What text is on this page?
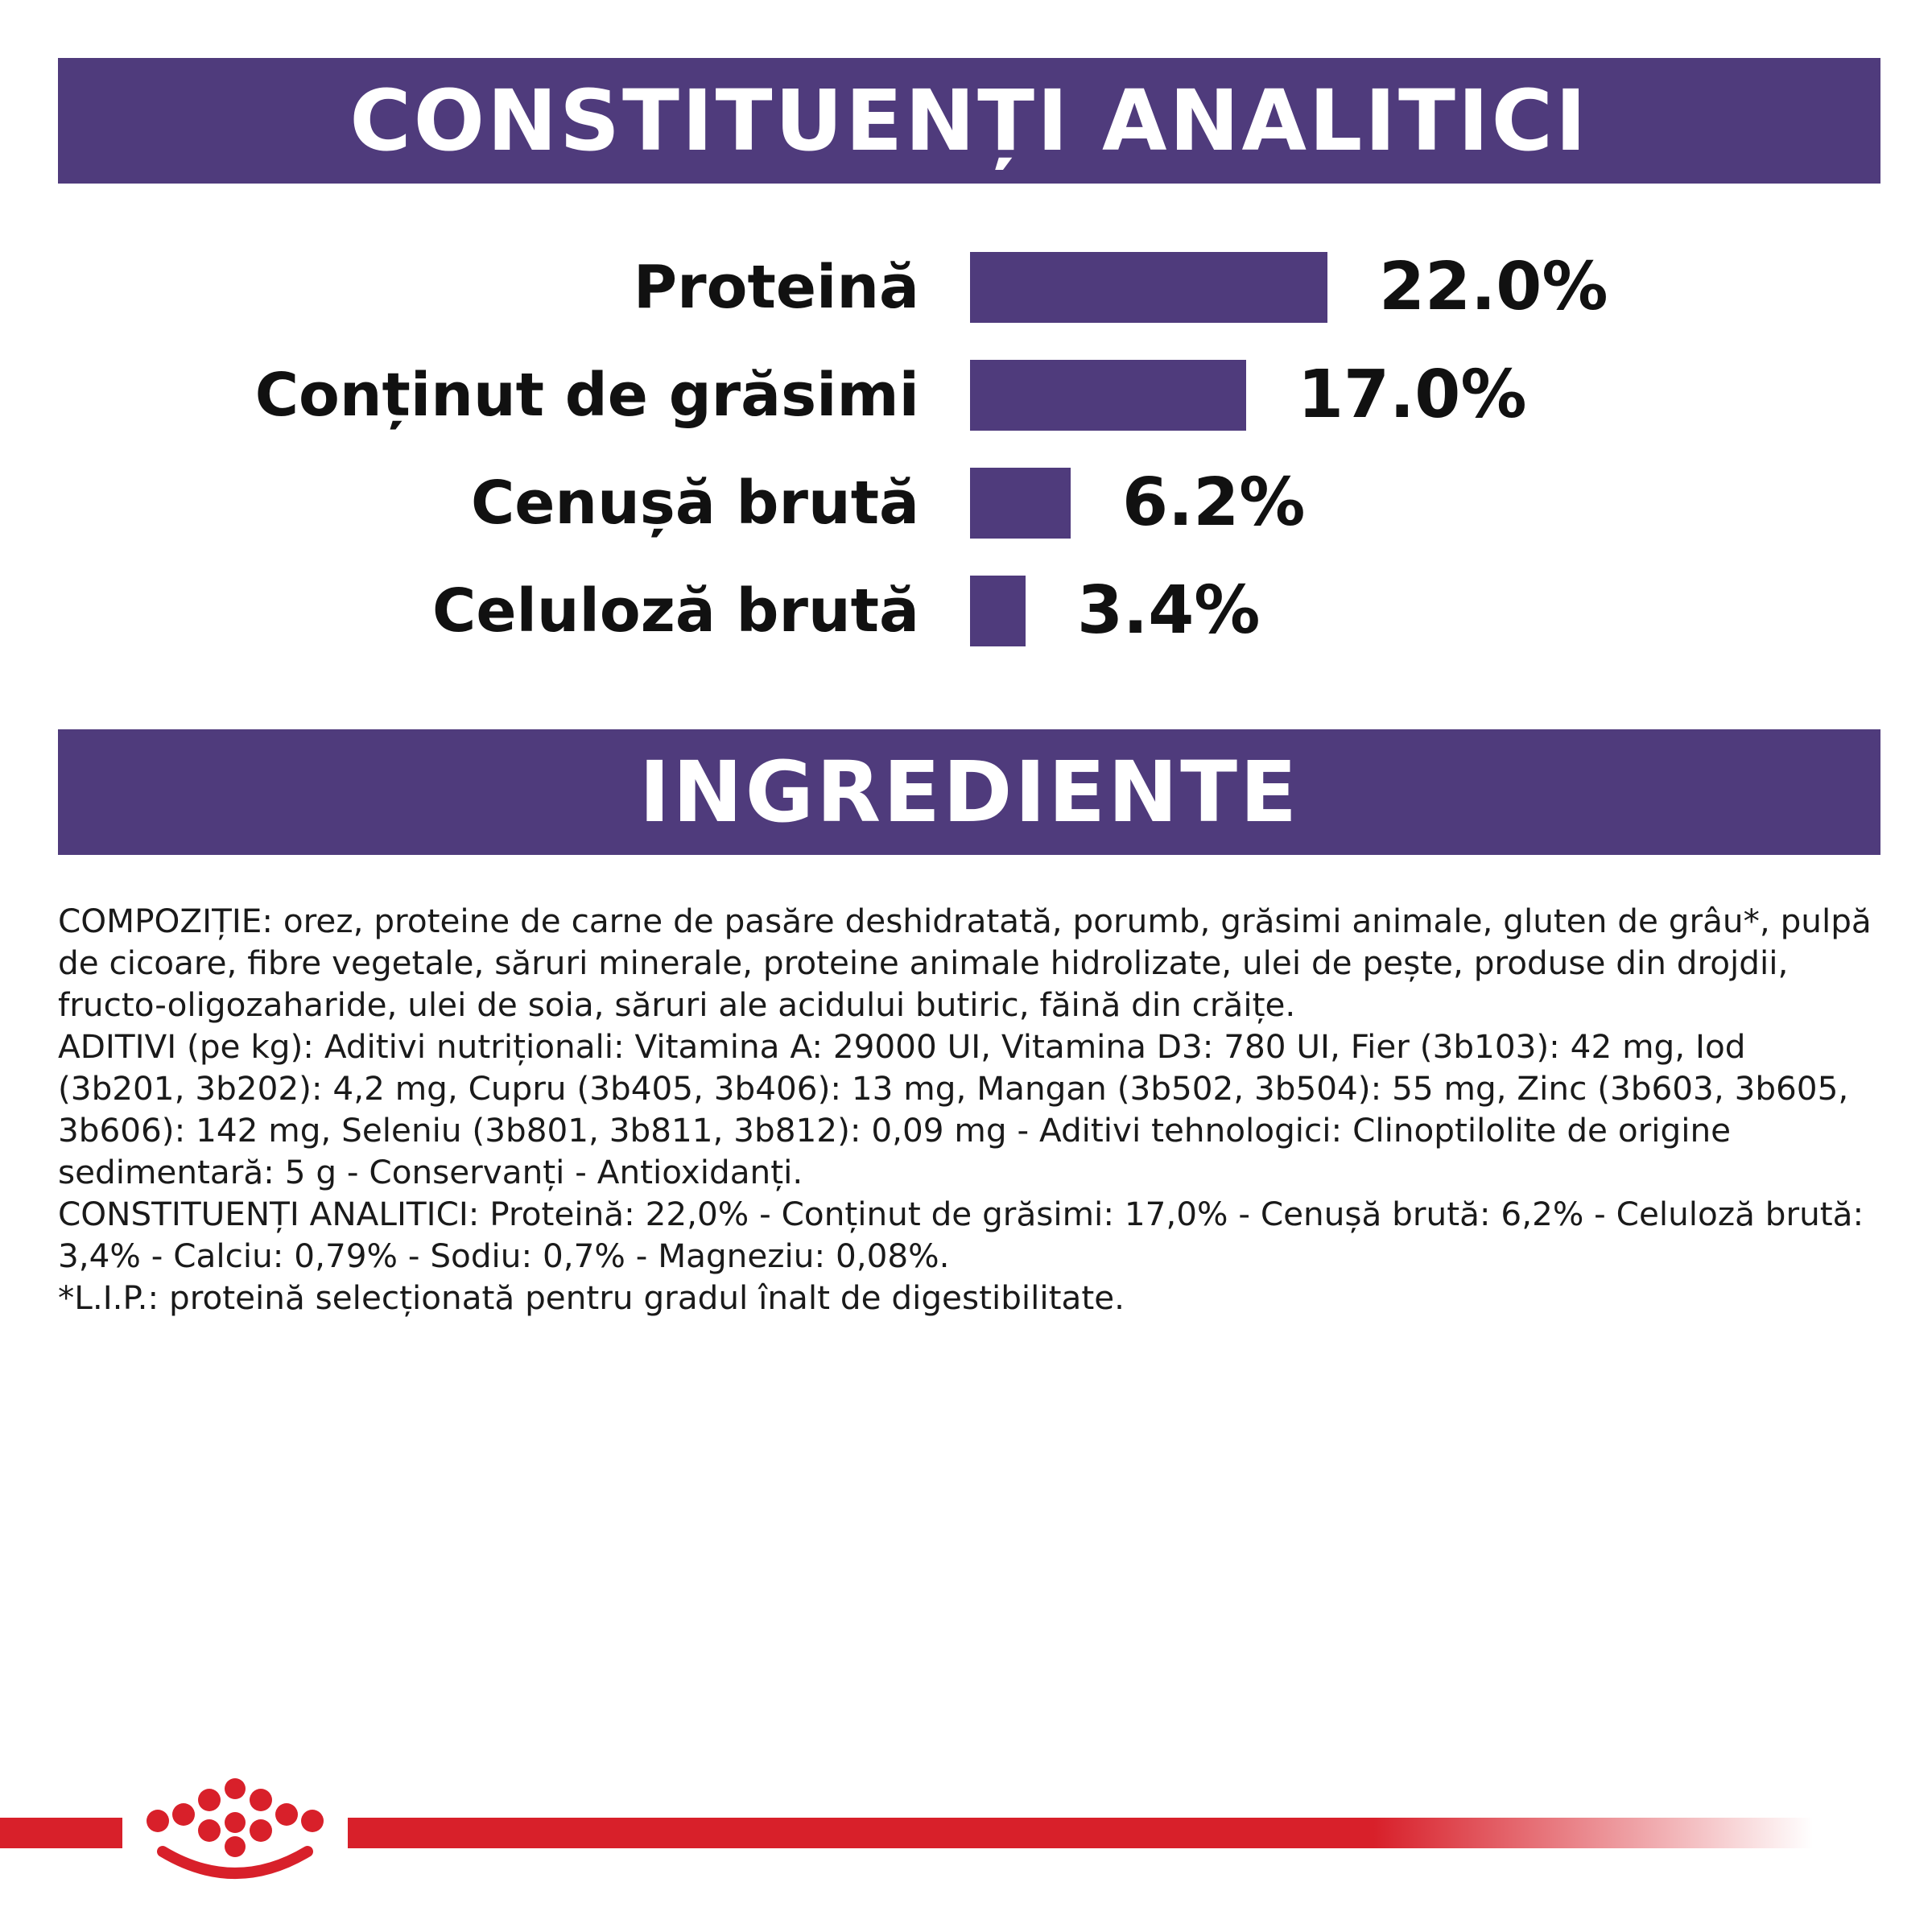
CONSTITUENȚI ANALITICI
Proteină	22.0%
Conținut de grăsimi	17.0%
Cenușă brută	6.2%
Celuloză brută 3.4%
INGREDIENTE

COMPOZIȚIE: orez, proteine de carne de pasăre deshidratată, porumb, grăsimi animale, gluten de grâu*, pulpă de cicoare, fibre vegetale, săruri minerale, proteine animale hidrolizate, ulei de pește, produse din drojdii, fructo-oligozaharide, ulei de soia, săruri ale acidului butiric, făină din crăițe.

ADITIVI (pe kg): Aditivi nutriționali: Vitamina A: 29000 UI, Vitamina D3: 780 UI, Fier (3b103): 42 mg, Iod (3b201, 3b202): 4,2 mg, Cupru (3b405, 3b406): 13 mg, Mangan (3b502, 3b504): 55 mg, Zinc (3b603, 3b605, 3b606): 142 mg, Seleniu (3b801, 3b811, 3b812): 0,09 mg - Aditivi tehnologici: Clinoptilolite de origine sedimentară: 5 g - Conservanți - Antioxidanți.

CONSTITUENȚI ANALITICI: Proteină: 22,0% - Conținut de grăsimi: 17,0% - Cenușă brută: 6,2% - Celuloză brută: 3,4% - Calciu: 0,79% - Sodiu: 0,7% - Magneziu: 0,08%.

*L.I.P.: proteină selecționată pentru gradul înalt de digestibilitate.
